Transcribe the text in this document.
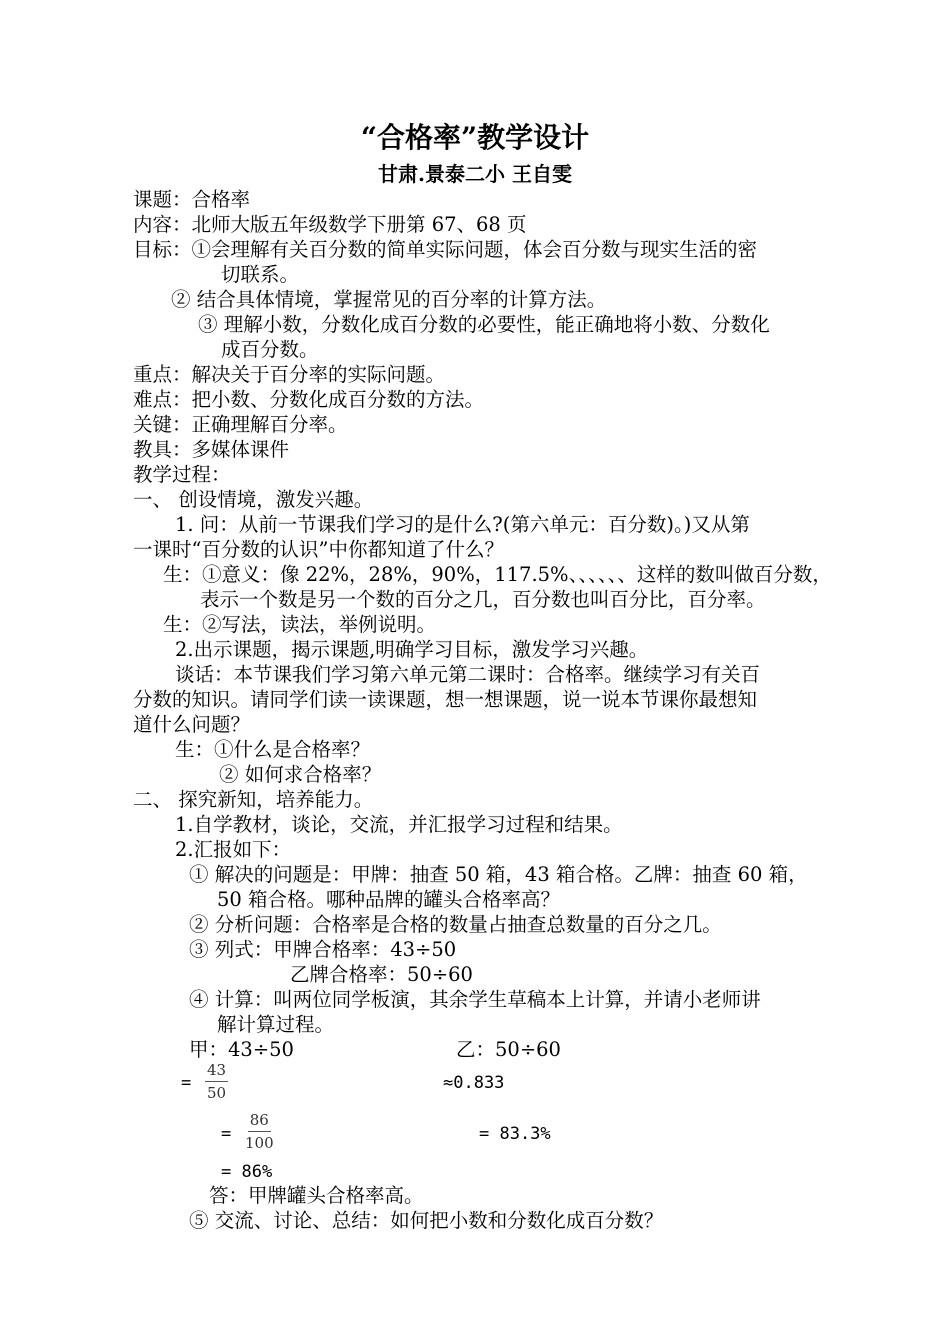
“合格率”教学设计
甘肃.景泰二小 王自雯
课题：合格率
内容：北师大版五年级数学下册第 67、68 页
目标：①会理解有关百分数的简单实际问题，体会百分数与现实生活的密
切联系。
② 结合具体情境，掌握常见的百分率的计算方法。
③ 理解小数，分数化成百分数的必要性，能正确地将小数、分数化
成百分数。
重点：解决关于百分率的实际问题。
难点：把小数、分数化成百分数的方法。
关键：正确理解百分率。
教具：多媒体课件
教学过程：
一、 创设情境，激发兴趣。
1. 问：从前一节课我们学习的是什么?(第六单元：百分数)。)又从第
一课时“百分数的认识”中你都知道了什么？
生：①意义：像 22%，28%，90%，117.5%、、、、、、这样的数叫做百分数，
表示一个数是另一个数的百分之几，百分数也叫百分比，百分率。
生：②写法，读法，举例说明。
2.出示课题，揭示课题,明确学习目标，激发学习兴趣。
谈话：本节课我们学习第六单元第二课时：合格率。继续学习有关百
分数的知识。请同学们读一读课题，想一想课题，说一说本节课你最想知
道什么问题？
生：①什么是合格率？
② 如何求合格率？
二、 探究新知，培养能力。
1.自学教材，谈论，交流，并汇报学习过程和结果。
2.汇报如下：
① 解决的问题是：甲牌：抽查 50 箱，43 箱合格。乙牌：抽查 60 箱，
50 箱合格。哪种品牌的罐头合格率高？
② 分析问题：合格率是合格的数量占抽查总数量的百分之几。
③ 列式：甲牌合格率：43÷50
乙牌合格率：50÷60
④ 计算：叫两位同学板演，其余学生草稿本上计算，并请小老师讲
解计算过程。
甲：43÷50	乙：50÷60
= $\frac{43}{50}$	≈0.833
= $\frac{86}{100}$	= 83.3%
= 86%
答：甲牌罐头合格率高。
⑤ 交流、讨论、总结：如何把小数和分数化成百分数？
